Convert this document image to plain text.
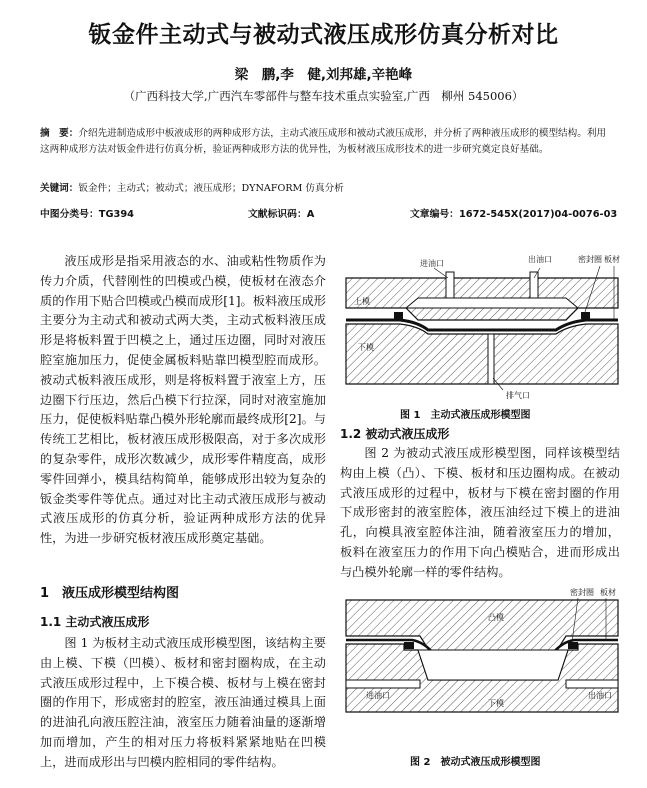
钣金件主动式与被动式液压成形仿真分析对比
梁　鹏,李　健,刘邦雄,辛艳峰
（广西科技大学,广西汽车零部件与整车技术重点实验室,广西　柳州 545006）
摘　要：介绍先进制造成形中板液成形的两种成形方法，主动式液压成形和被动式液压成形，并分析了两种液压成形的模型结构。利用这两种成形方法对钣金件进行仿真分析，验证两种成形方法的优异性，为板材液压成形技术的进一步研究奠定良好基础。
关键词：钣金件；主动式；被动式；液压成形；DYNAFORM 仿真分析
中图分类号：TG394	文献标识码：A	文章编号：1672-545X(2017)04-0076-03

液压成形是指采用液态的水、油或粘性物质作为传力介质，代替刚性的凹模或凸模，使板材在液态介质的作用下贴合凹模或凸模而成形[1]。板料液压成形主要分为主动式和被动式两大类，主动式板料液压成形是将板料置于凹模之上，通过压边圈，同时对液压腔室施加压力，促使金属板料贴靠凹模型腔而成形。被动式板料液压成形，则是将板料置于液室上方，压边圈下行压边，然后凸模下行拉深，同时对液室施加压力，促使板料贴靠凸模外形轮廓而最终成形[2]。与传统工艺相比，板材液压成形极限高，对于多次成形的复杂零件，成形次数减少，成形零件精度高，成形零件回弹小，模具结构简单，能够成形出较为复杂的钣金类零件等优点。通过对比主动式液压成形与被动式液压成形的仿真分析，验证两种成形方法的优异性，为进一步研究板材液压成形奠定基础。

1　液压成形模型结构图
1.1 主动式液压成形

图 1 为板材主动式液压成形模型图，该结构主要由上模、下模（凹模）、板材和密封圈构成，在主动式液压成形过程中，上下模合模、板材与上模在密封圈的作用下，形成密封的腔室，液压油通过模具上面的进油孔向液压腔注油，液室压力随着油量的逐渐增加而增加，产生的相对压力将板料紧紧地贴在凹模上，进而成形出与凹模内腔相同的零件结构。

进油口	出油口	密封圈 板材
上模
下模
排气口
图 1　主动式液压成形模型图
1.2 被动式液压成形

图 2 为被动式液压成形模型图，同样该模型结构由上模（凸）、下模、板材和压边圈构成。在被动式液压成形的过程中，板材与下模在密封圈的作用下成形密封的液室腔体，液压油经过下模上的进油孔，向模具液室腔体注油，随着液室压力的增加，板料在液室压力的作用下向凸模贴合，进而形成出与凸模外轮廓一样的零件结构。

凸模
密封圈 板材
进油口	出油口
下模
图 2　被动式液压成形模型图
